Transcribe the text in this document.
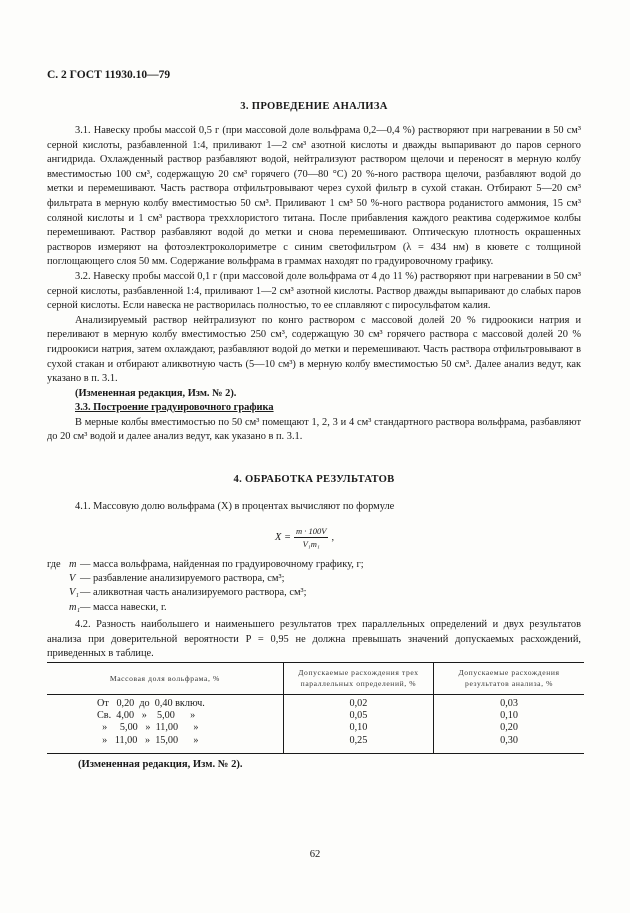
С. 2 ГОСТ 11930.10—79
3. ПРОВЕДЕНИЕ АНАЛИЗА

3.1. Навеску пробы массой 0,5 г (при массовой доле вольфрама 0,2—0,4 %) растворяют при нагревании в 50 см³ серной кислоты, разбавленной 1:4, приливают 1—2 см³ азотной кислоты и дважды выпаривают до паров серного ангидрида. Охлажденный раствор разбавляют водой, нейтрализуют раствором щелочи и переносят в мерную колбу вместимостью 100 см³, содержащую 20 см³ горячего (70—80 °С) 20 %-ного раствора щелочи, разбавляют водой до метки и перемешивают. Часть раствора отфильтровывают через сухой фильтр в сухой стакан. Отбирают 5—20 см³ фильтрата в мерную колбу вместимостью 50 см³. Приливают 1 см³ 50 %-ного раствора роданистого аммония, 15 см³ соляной кислоты и 1 см³ раствора треххлористого титана. После прибавления каждого реактива содержимое колбы перемешивают. Раствор разбавляют водой до метки и снова перемешивают. Оптическую плотность окрашенных растворов измеряют на фотоэлектроколориметре с синим светофильтром (λ = 434 нм) в кювете с толщиной поглощающего слоя 50 мм. Содержание вольфрама в граммах находят по градуировочному графику.

3.2. Навеску пробы массой 0,1 г (при массовой доле вольфрама от 4 до 11 %) растворяют при нагревании в 50 см³ серной кислоты, разбавленной 1:4, приливают 1—2 см³ азотной кислоты. Раствор дважды выпаривают до слабых паров серной кислоты. Если навеска не растворилась полностью, то ее сплавляют с пиросульфатом калия.

Анализируемый раствор нейтрализуют по конго раствором с массовой долей 20 % гидроокиси натрия и переливают в мерную колбу вместимостью 250 см³, содержащую 30 см³ горячего раствора с массовой долей 20 % гидроокиси натрия, затем охлаждают, разбавляют водой до метки и перемешивают. Часть раствора отфильтровывают в сухой стакан и отбирают аликвотную часть (5—10 см³) в мерную колбу вместимостью 50 см³. Далее анализ ведут, как указано в п. 3.1.

(Измененная редакция, Изм. № 2).

3.3. Построение градуировочного графика

В мерные колбы вместимостью по 50 см³ помещают 1, 2, 3 и 4 см³ стандартного раствора вольфрама, разбавляют до 20 см³ водой и далее анализ ведут, как указано в п. 3.1.

4. ОБРАБОТКА РЕЗУЛЬТАТОВ

4.1. Массовую долю вольфрама (X) в процентах вычисляют по формуле

$X = \frac{m \cdot 100V}{\text{V₁m₁}}$ ,
где m — масса вольфрама, найденная по градуировочному графику, г;
V — разбавление анализируемого раствора, см³;
V₁ — аликвотная часть анализируемого раствора, см³;
m₁ — масса навески, г.

4.2. Разность наибольшего и наименьшего результатов трех параллельных определений и двух результатов анализа при доверительной вероятности P = 0,95 не должна превышать значений допускаемых расхождений, приведенных в таблице.

Массовая доля вольфрама, %	Допускаемые расхождения трех параллельных определений, %	Допускаемые расхождения результатов анализа, %
От   0,20  до  0,40 включ.	0,02	0,03
Св.  4,00   »    5,00      »	0,05	0,10
»     5,00   »  11,00      »	0,10	0,20
»   11,00   »  15,00      »	0,25	0,30
(Измененная редакция, Изм. № 2).
62
